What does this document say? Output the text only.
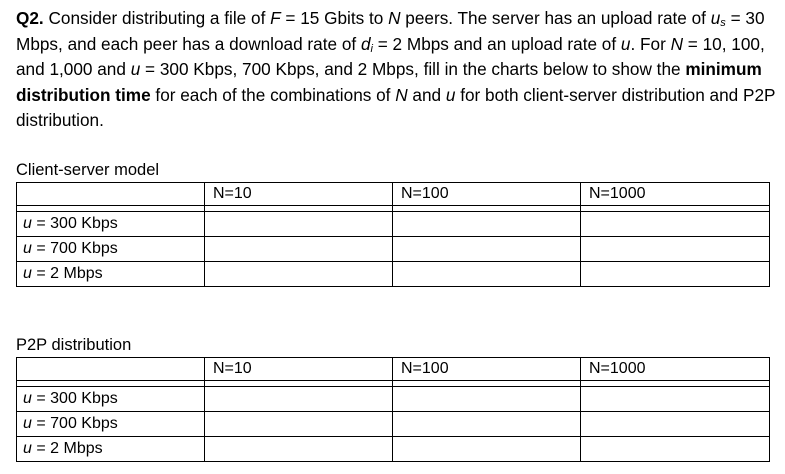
Q2. Consider distributing a file of F = 15 Gbits to N peers. The server has an upload rate of $u_s = 30$ Mbps, and each peer has a download rate of $d_i = 2$ Mbps and an upload rate of u. For N = 10, 100, and 1,000 and u = 300 Kbps, 700 Kbps, and 2 Mbps, fill in the charts below to show the minimum distribution time for each of the combinations of N and u for both client-server distribution and P2P distribution.
Client-server model
	N=10	N=100	N=1000

u = 300 Kbps			
u = 700 Kbps			
u = 2 Mbps			
P2P distribution
	N=10	N=100	N=1000

u = 300 Kbps			
u = 700 Kbps			
u = 2 Mbps			
